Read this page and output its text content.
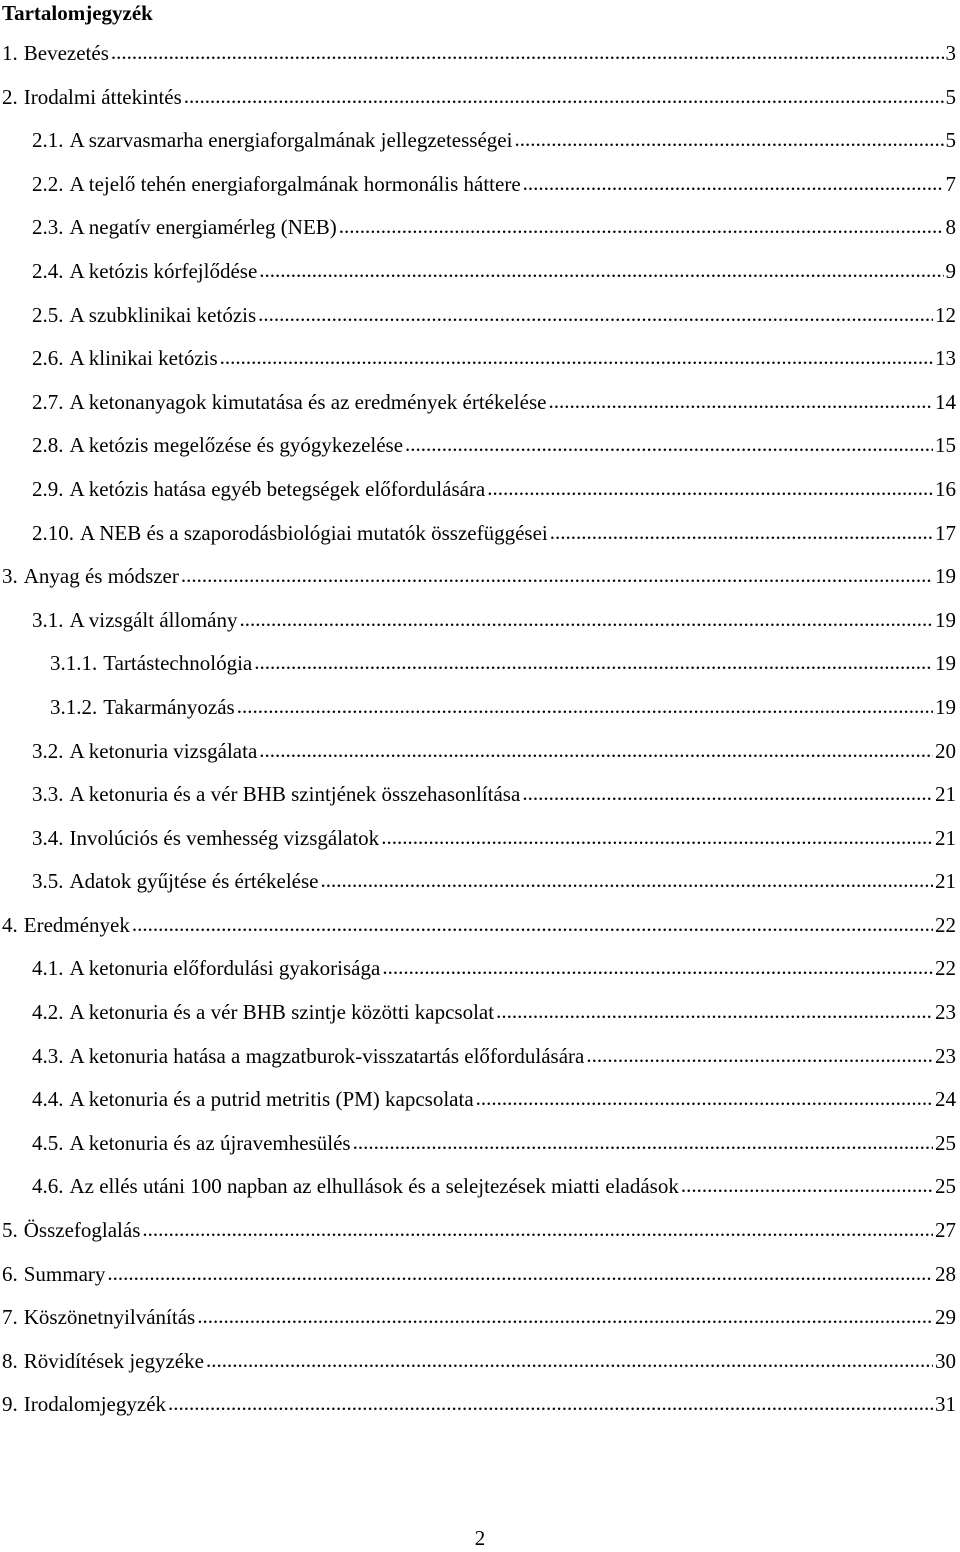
Tartalomjegyzék
1. Bevezetés .....	3
2. Irodalmi áttekintés .....	5
2.1. A szarvasmarha energiaforgalmának jellegzetességei .....	5
2.2. A tejelő tehén energiaforgalmának hormonális háttere .....	7
2.3. A negatív energiamérleg (NEB) .....	8
2.4. A ketózis kórfejlődése .....	9
2.5. A szubklinikai ketózis .....	12
2.6. A klinikai ketózis .....	13
2.7. A ketonanyagok kimutatása és az eredmények értékelése .....	14
2.8. A ketózis megelőzése és gyógykezelése .....	15
2.9. A ketózis hatása egyéb betegségek előfordulására .....	16
2.10. A NEB és a szaporodásbiológiai mutatók összefüggései .....	17
3. Anyag és módszer .....	19
3.1. A vizsgált állomány .....	19
3.1.1. Tartástechnológia .....	19
3.1.2. Takarmányozás .....	19
3.2. A ketonuria vizsgálata .....	20
3.3. A ketonuria és a vér BHB szintjének összehasonlítása .....	21
3.4. Involúciós és vemhesség vizsgálatok .....	21
3.5. Adatok gyűjtése és értékelése .....	21
4. Eredmények .....	22
4.1. A ketonuria előfordulási gyakorisága .....	22
4.2. A ketonuria és a vér BHB szintje közötti kapcsolat .....	23
4.3. A ketonuria hatása a magzatburok-visszatartás előfordulására .....	23
4.4. A ketonuria és a putrid metritis (PM) kapcsolata .....	24
4.5. A ketonuria és az újravemhesülés .....	25
4.6. Az ellés utáni 100 napban az elhullások és a selejtezések miatti eladások .....	25
5. Összefoglalás .....	27
6. Summary .....	28
7. Köszönetnyilvánítás .....	29
8. Rövidítések jegyzéke .....	30
9. Irodalomjegyzék .....	31
2
